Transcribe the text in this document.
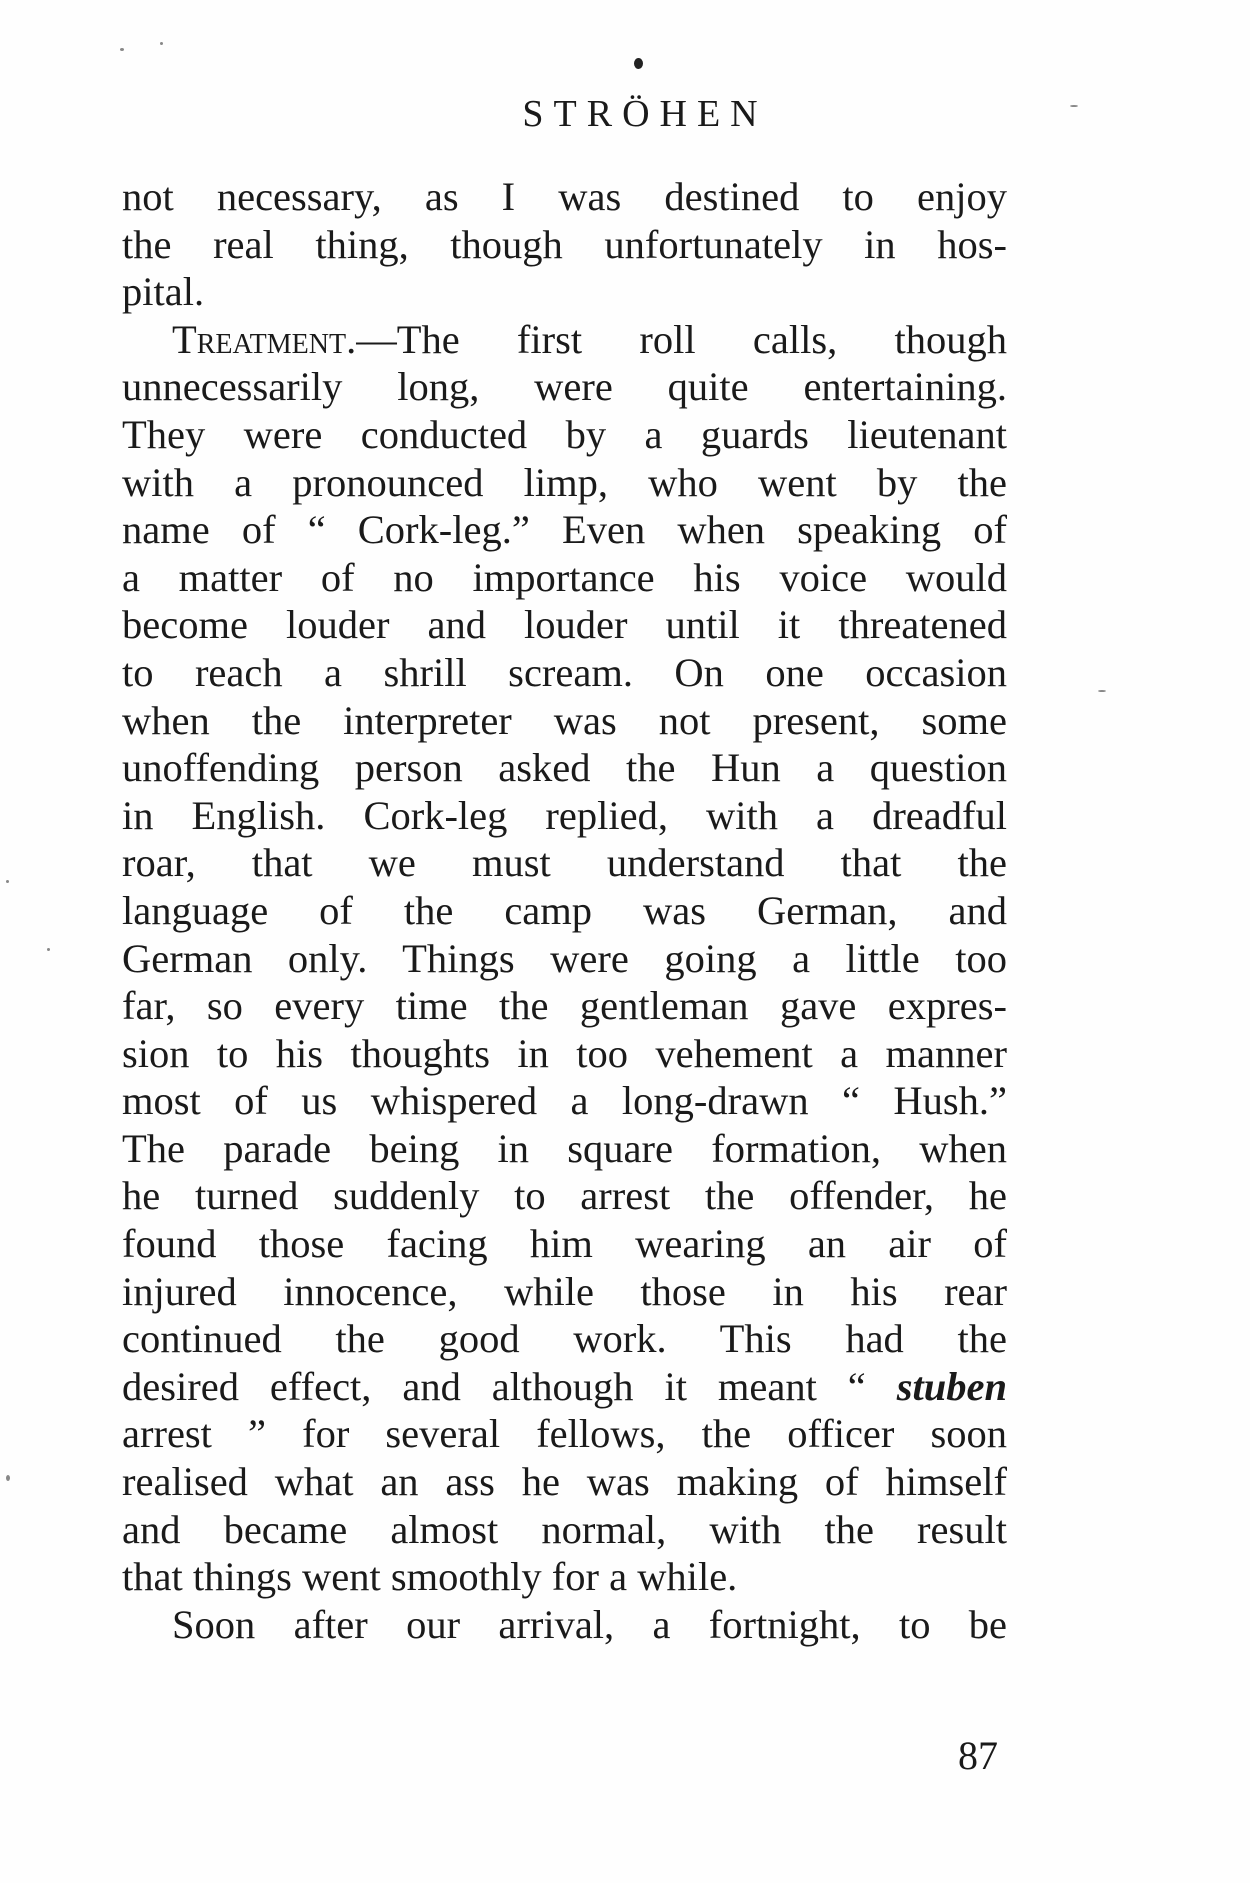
STRÖHEN
not necessary, as I was destined to enjoy
the real thing, though unfortunately in hos-
pital.
Treatment.—The first roll calls, though
unnecessarily long, were quite entertaining.
They were conducted by a guards lieutenant
with a pronounced limp, who went by the
name of “ Cork-leg.” Even when speaking of
a matter of no importance his voice would
become louder and louder until it threatened
to reach a shrill scream. On one occasion
when the interpreter was not present, some
unoffending person asked the Hun a question
in English. Cork-leg replied, with a dreadful
roar, that we must understand that the
language of the camp was German, and
German only. Things were going a little too
far, so every time the gentleman gave expres-
sion to his thoughts in too vehement a manner
most of us whispered a long-drawn “ Hush.”
The parade being in square formation, when
he turned suddenly to arrest the offender, he
found those facing him wearing an air of
injured innocence, while those in his rear
continued the good work. This had the
desired effect, and although it meant “ stuben
arrest ” for several fellows, the officer soon
realised what an ass he was making of himself
and became almost normal, with the result
that things went smoothly for a while.
Soon after our arrival, a fortnight, to be
87
